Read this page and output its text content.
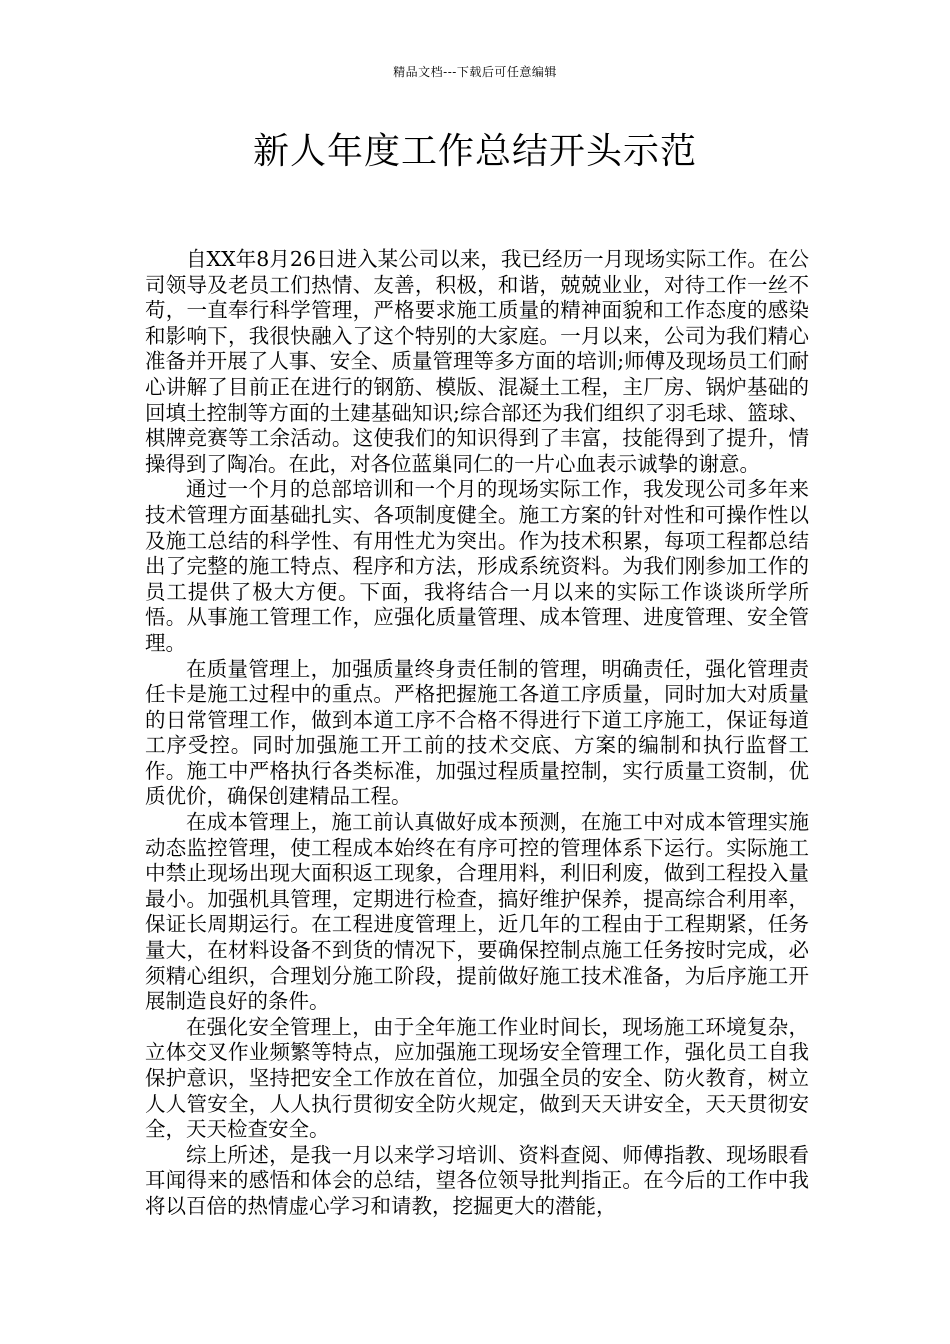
精品文档---下载后可任意编辑
新人年度工作总结开头示范

自XX年8月26日进入某公司以来，我已经历一月现场实际工作。在公司领导及老员工们热情、友善，积极，和谐，兢兢业业，对待工作一丝不苟，一直奉行科学管理，严格要求施工质量的精神面貌和工作态度的感染和影响下，我很快融入了这个特别的大家庭。一月以来，公司为我们精心准备并开展了人事、安全、质量管理等多方面的培训;师傅及现场员工们耐心讲解了目前正在进行的钢筋、模版、混凝土工程，主厂房、锅炉基础的回填土控制等方面的土建基础知识;综合部还为我们组织了羽毛球、篮球、棋牌竞赛等工余活动。这使我们的知识得到了丰富，技能得到了提升，情操得到了陶冶。在此，对各位蓝巢同仁的一片心血表示诚挚的谢意。

通过一个月的总部培训和一个月的现场实际工作，我发现公司多年来技术管理方面基础扎实、各项制度健全。施工方案的针对性和可操作性以及施工总结的科学性、有用性尤为突出。作为技术积累，每项工程都总结出了完整的施工特点、程序和方法，形成系统资料。为我们刚参加工作的员工提供了极大方便。下面，我将结合一月以来的实际工作谈谈所学所悟。从事施工管理工作，应强化质量管理、成本管理、进度管理、安全管理。

在质量管理上，加强质量终身责任制的管理，明确责任，强化管理责任卡是施工过程中的重点。严格把握施工各道工序质量，同时加大对质量的日常管理工作，做到本道工序不合格不得进行下道工序施工，保证每道工序受控。同时加强施工开工前的技术交底、方案的编制和执行监督工作。施工中严格执行各类标准，加强过程质量控制，实行质量工资制，优质优价，确保创建精品工程。

在成本管理上，施工前认真做好成本预测，在施工中对成本管理实施动态监控管理，使工程成本始终在有序可控的管理体系下运行。实际施工中禁止现场出现大面积返工现象，合理用料，利旧利废，做到工程投入量最小。加强机具管理，定期进行检查，搞好维护保养，提高综合利用率，保证长周期运行。在工程进度管理上，近几年的工程由于工程期紧，任务量大，在材料设备不到货的情况下，要确保控制点施工任务按时完成，必须精心组织，合理划分施工阶段，提前做好施工技术准备，为后序施工开展制造良好的条件。

在强化安全管理上，由于全年施工作业时间长，现场施工环境复杂，立体交叉作业频繁等特点，应加强施工现场安全管理工作，强化员工自我保护意识，坚持把安全工作放在首位，加强全员的安全、防火教育，树立人人管安全，人人执行贯彻安全防火规定，做到天天讲安全，天天贯彻安全，天天检查安全。

综上所述，是我一月以来学习培训、资料查阅、师傅指教、现场眼看耳闻得来的感悟和体会的总结，望各位领导批判指正。在今后的工作中我将以百倍的热情虚心学习和请教，挖掘更大的潜能，
